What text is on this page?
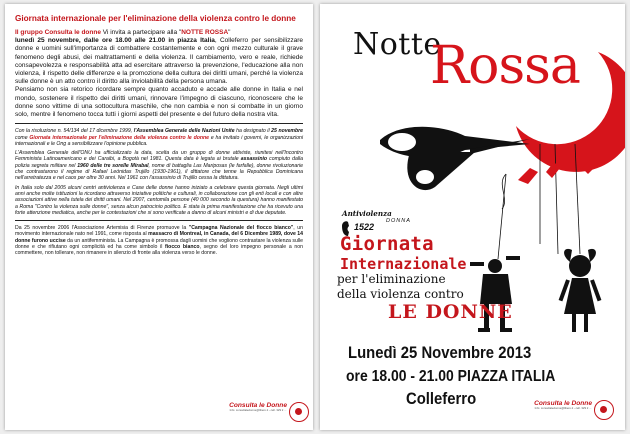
Giornata internazionale per l'eliminazione della violenza contro le donne

Il gruppo Consulta le donne Vi invita a partecipare alla "NOTTE ROSSA"
lunedì 25 novembre, dalle ore 18.00 alle 21.00 in piazza Italia, Colleferro per sensibilizzare donne e uomini sull'importanza di combattere costantemente e con ogni mezzo culturale il grave fenomeno degli abusi, dei maltrattamenti e della violenza. Il cambiamento, vero e reale, richiede consapevolezza e responsabilità atta ad esercitare attraverso la prevenzione, l'educazione alla non violenza, il rispetto delle differenze e la promozione della cultura dei diritti umani, perché la violenza sulle donne è un atto contro il diritto alla inviolabilità della persona umana.

Pensiamo non sia retorico ricordare sempre quanto accaduto e accade alle donne in Italia e nel mondo, sostenere il rispetto dei diritti umani, rinnovare l'impegno di ciascuno, riconoscere che le donne sono vittime di una sottocultura maschile, che non cambia e non si combatte in un giorno solo, mentre il fenomeno tocca tutti i giorni aspetti del presente e del futuro della nostra vita.

Con la risoluzione n. 54/134 del 17 dicembre 1999, l'Assemblea Generale delle Nazioni Unite ha designato il 25 novembre come Giornata internazionale per l'eliminazione della violenza contro le donne e ha invitato i governi, le organizzazioni internazionali e le Ong a sensibilizzare l'opinione pubblica.

L'Assemblea Generale dell'ONU ha ufficializzato la data, scelta da un gruppo di donne attiviste, riunitesi nell'Incontro Femminista Latinoamericano e dei Caraibi, a Bogotà nel 1981. Questa data è legata ai brutale assassinio compiuto dalla polizia segreta militare nel 1960 delle tre sorelle Mirabal, nome di battaglia Las Mariposas (le farfalle), donne rivoluzionarie che contrastarono il regime di Rafael Leónidas Trujillo (1930-1961), il dittatore che tenne la Repubblica Dominicana nell'arretratezza e nel caos per oltre 30 anni. Nel 1961 con l'assassinio di Trujillo cessa la dittatura.

In Italia solo dal 2005 alcuni centri antiviolenza e Case delle donne hanno iniziato a celebrare questa giornata. Negli ultimi anni anche molte istituzioni la ricordano attraverso iniziative politiche e culturali, in collaborazione con gli enti locali e con altre associazioni attive nella tutela dei diritti umani. Nel 2007, centomila persone (40 000 secondo la questura) hanno manifestato a Roma "Contro la violenza sulle donne", senza alcun patrocinio politico. E stata la prima manifestazione che ha ricevuto una forte attenzione mediatica, anche per le contestazioni che si sono verificate a danno di alcuni ministri e di due deputate.

Da 25 novembre 2006 l'Associazione Artemisia di Firenze promuove la "Campagna Nazionale del fiocco bianco", un movimento internazionale nato nel 1991, come risposta al massacro di Montreal, in Canada, del 6 Dicembre 1989, dove 14 donne furono uccise da un antifemminista. La Campagna è promossa dagli uomini che vogliono contrastare la violenza sulle donne e che rifiutano ogni complicità ed ha come simbolo il fiocco bianco, segno del loro impegno personale a non commettere, non tollerare, non rimanere in silenzio di fronte alla violenza verso le donne.

Consulta le Donne
Info: consultaledonne@libero.it - cell. 329 2 ...
Notte
Rossa
Antiviolenza
DONNA
1522
Giornata
Internazionale
per l'eliminazione
della violenza contro
LE DONNE
Lunedì 25 Novembre 2013
ore 18.00 - 21.00 PIAZZA ITALIA
Colleferro	Consulta le Donne
Info: consultaledonne@libero.it - cell. 329 2 ...
